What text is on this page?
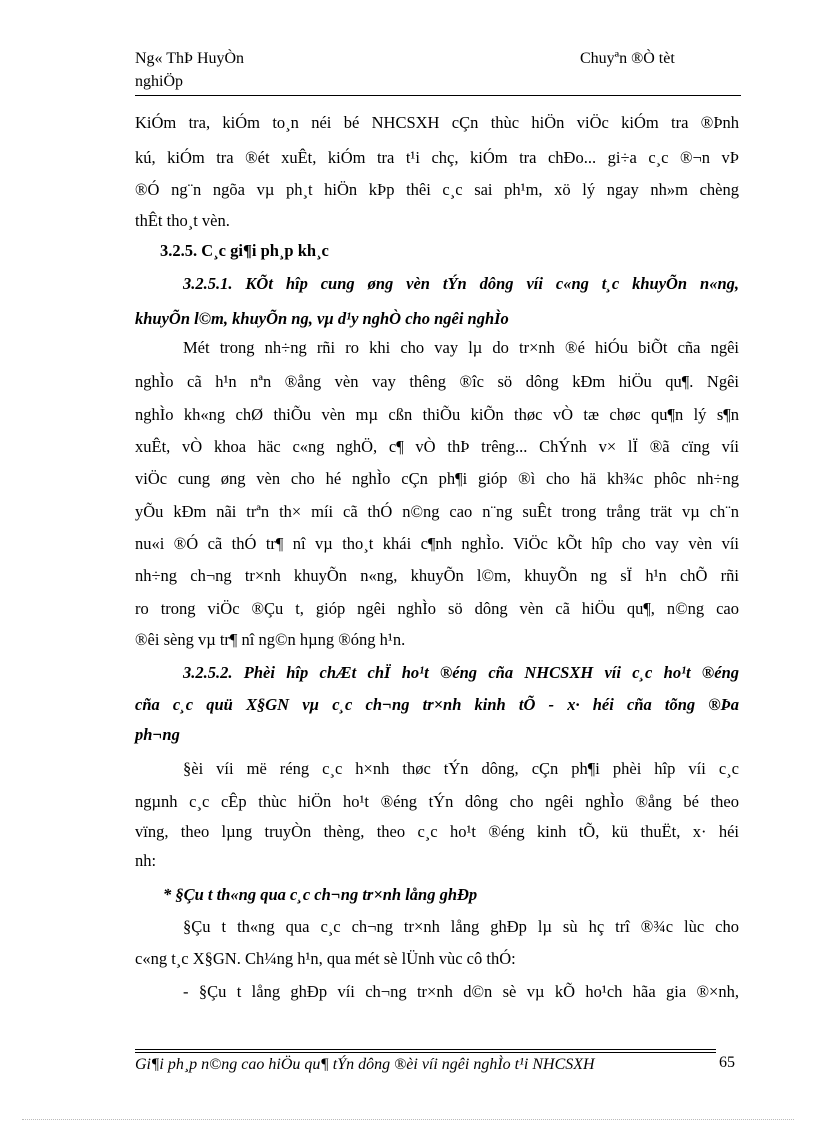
Ng« ThÞ HuyÒn
nghiÖp
Chuyªn ®Ò tèt
KiÓm tra, kiÓm to¸n néi bé NHCSXH cÇn thùc hiÖn viÖc kiÓm tra ®Þnh
kú, kiÓm tra ®ét xuÊt, kiÓm tra t¹i chç, kiÓm tra chÐo... gi÷a c¸c ®¬n vÞ
®Ó ng¨n ngõa vµ ph¸t hiÖn kÞp thêi c¸c sai ph¹m, xö lý ngay nh»m chèng
thÊt tho¸t vèn.
3.2.5. C¸c gi¶i ph¸p kh¸c
3.2.5.1. KÕt hîp cung øng vèn tÝn dông víi c«ng t¸c khuyÕn n«ng,
khuyÕn l©m, khuyÕn ng, vµ d¹y nghÒ cho ngêi nghÌo
Mét trong nh÷ng rñi ro khi cho vay lµ do tr×nh ®é hiÓu biÕt cña ngêi
nghÌo cã h¹n nªn ®ång vèn vay thêng ®îc sö dông kÐm hiÖu qu¶. Ngêi
nghÌo kh«ng chØ thiÕu vèn mµ cßn thiÕu kiÕn thøc vÒ tæ chøc qu¶n lý s¶n
xuÊt, vÒ khoa häc c«ng nghÖ, c¶ vÒ thÞ trêng... ChÝnh v× lÏ ®ã cïng víi
viÖc cung øng vèn cho hé nghÌo cÇn ph¶i gióp ®ì cho hä kh¾c phôc nh÷ng
yÕu kÐm nãi trªn th× míi cã thÓ n©ng cao n¨ng suÊt trong trång trät vµ ch¨n
nu«i ®Ó cã thÓ tr¶ nî vµ tho¸t khái c¶nh nghÌo. ViÖc kÕt hîp cho vay vèn víi
nh÷ng ch¬ng tr×nh khuyÕn n«ng, khuyÕn l©m, khuyÕn ng sÏ h¹n chÕ rñi
ro trong viÖc ®Çu t, gióp ngêi nghÌo sö dông vèn cã hiÖu qu¶, n©ng cao
®êi sèng vµ tr¶ nî ng©n hµng ®óng h¹n.
3.2.5.2. Phèi hîp chÆt chÏ ho¹t ®éng cña NHCSXH víi c¸c ho¹t ®éng
cña c¸c quü X§GN vµ c¸c ch¬ng tr×nh kinh tÕ - x· héi cña tõng ®Þa
ph¬ng
§èi víi më réng c¸c h×nh thøc tÝn dông, cÇn ph¶i phèi hîp víi c¸c
ngµnh c¸c cÊp thùc hiÖn ho¹t ®éng tÝn dông cho ngêi nghÌo ®ång bé theo
vïng, theo lµng truyÒn thèng, theo c¸c ho¹t ®éng kinh tÕ, kü thuËt, x· héi
nh:
* §Çu t th«ng qua c¸c ch¬ng tr×nh lång ghÐp
§Çu t th«ng qua c¸c ch¬ng tr×nh lång ghÐp lµ sù hç trî ®¾c lùc cho
c«ng t¸c X§GN. Ch¼ng h¹n, qua mét sè lÜnh vùc cô thÓ:
- §Çu t lång ghÐp víi ch¬ng tr×nh d©n sè vµ kÕ ho¹ch hãa gia ®×nh,
Gi¶i ph¸p n©ng cao hiÖu qu¶ tÝn dông ®èi víi ngêi nghÌo t¹i NHCSXH	65
